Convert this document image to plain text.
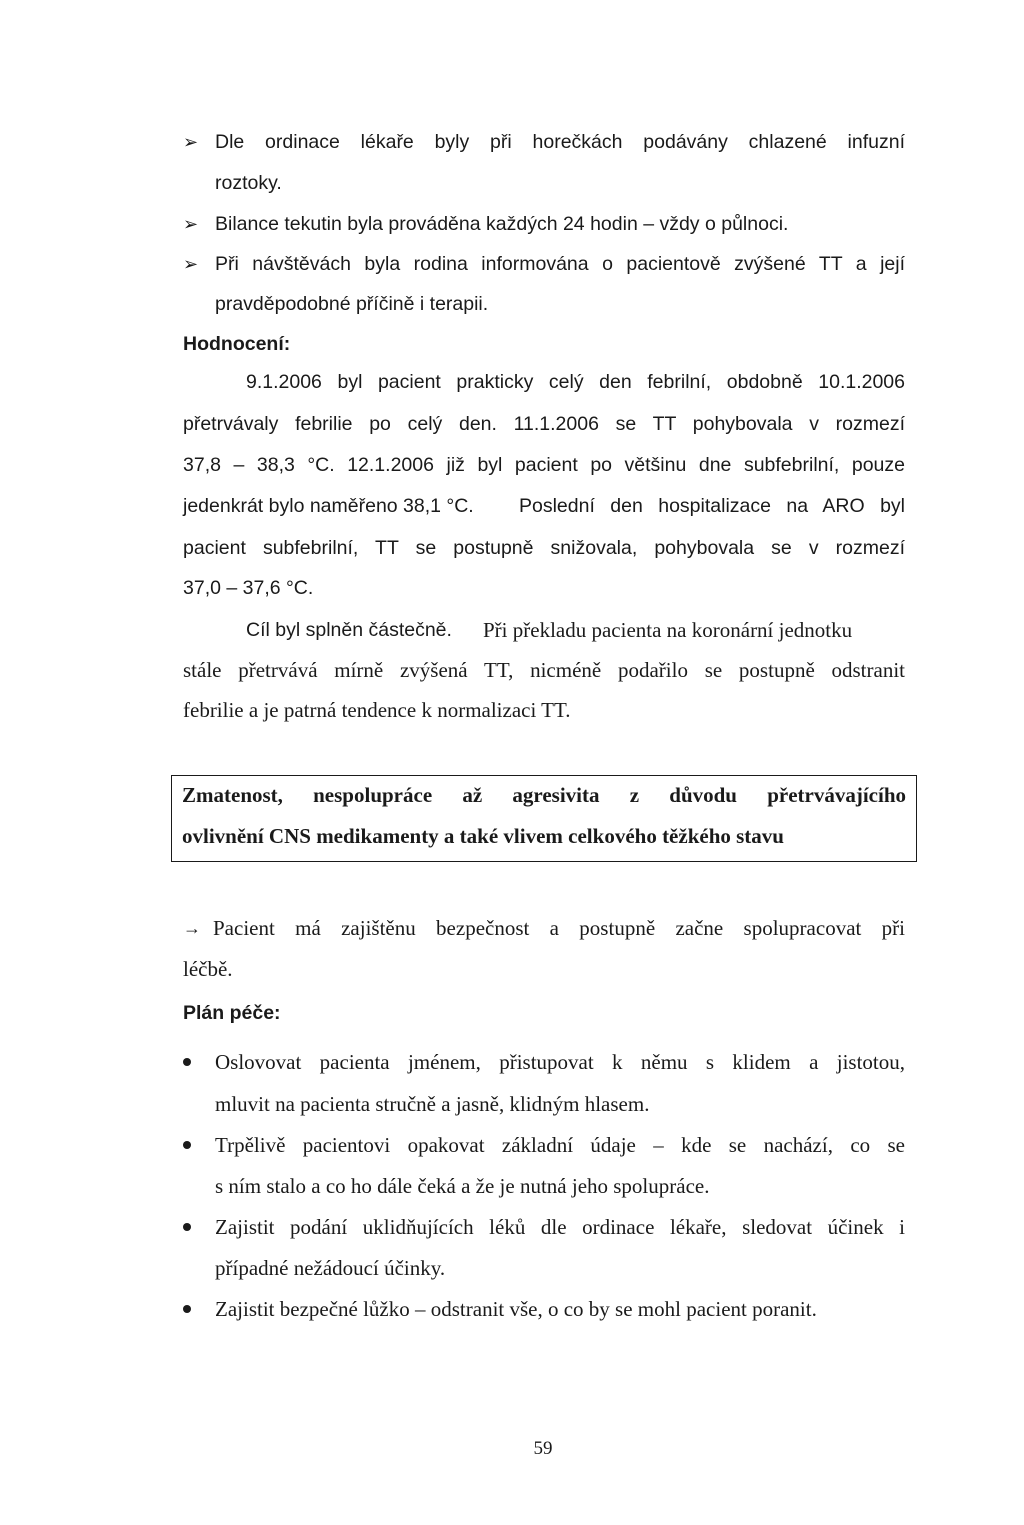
➢ Dle ordinace lékaře byly při horečkách podávány chlazené infuzní
roztoky.
➢ Bilance tekutin byla prováděna každých 24 hodin – vždy o půlnoci.
➢ Při návštěvách byla rodina informována o pacientově zvýšené TT a její
pravděpodobné příčině i terapii.
Hodnocení:
9.1.2006 byl pacient prakticky celý den febrilní, obdobně 10.1.2006
přetrvávaly febrilie po celý den. 11.1.2006 se TT pohybovala v rozmezí
37,8 – 38,3 °C. 12.1.2006 již byl pacient po většinu dne subfebrilní, pouze
jedenkrát bylo naměřeno 38,1 °C. Poslední den hospitalizace na ARO byl
pacient subfebrilní, TT se postupně snižovala, pohybovala se v rozmezí
37,0 – 37,6 °C.
Cíl byl splněn částečně. Při překladu pacienta na koronární jednotku
stále přetrvává mírně zvýšená TT, nicméně podařilo se postupně odstranit
febrilie a je patrná tendence k normalizaci TT.
Zmatenost, nespolupráce až agresivita z důvodu přetrvávajícího
ovlivnění CNS medikamenty a také vlivem celkového těžkého stavu
→ Pacient má zajištěnu bezpečnost a postupně začne spolupracovat při
léčbě.
Plán péče:
Oslovovat pacienta jménem, přistupovat k němu s klidem a jistotou,
mluvit na pacienta stručně a jasně, klidným hlasem.
Trpělivě pacientovi opakovat základní údaje – kde se nachází, co se
s ním stalo a co ho dále čeká a že je nutná jeho spolupráce.
Zajistit podání uklidňujících léků dle ordinace lékaře, sledovat účinek i
případné nežádoucí účinky.
Zajistit bezpečné lůžko – odstranit vše, o co by se mohl pacient poranit.
59
